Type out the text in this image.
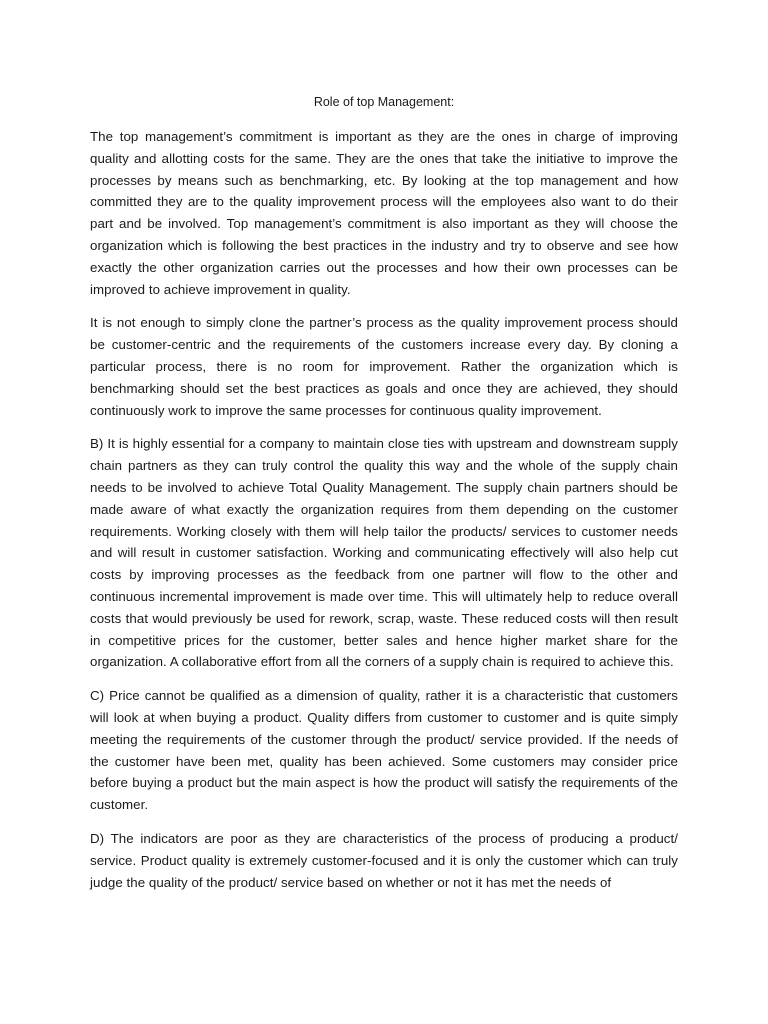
Role of top Management:

The top management’s commitment is important as they are the ones in charge of improving quality and allotting costs for the same. They are the ones that take the initiative to improve the processes by means such as benchmarking, etc. By looking at the top management and how committed they are to the quality improvement process will the employees also want to do their part and be involved. Top management’s commitment is also important as they will choose the organization which is following the best practices in the industry and try to observe and see how exactly the other organization carries out the processes and how their own processes can be improved to achieve improvement in quality.

It is not enough to simply clone the partner’s process as the quality improvement process should be customer-centric and the requirements of the customers increase every day. By cloning a particular process, there is no room for improvement. Rather the organization which is benchmarking should set the best practices as goals and once they are achieved, they should continuously work to improve the same processes for continuous quality improvement.

B) It is highly essential for a company to maintain close ties with upstream and downstream supply chain partners as they can truly control the quality this way and the whole of the supply chain needs to be involved to achieve Total Quality Management. The supply chain partners should be made aware of what exactly the organization requires from them depending on the customer requirements. Working closely with them will help tailor the products/ services to customer needs and will result in customer satisfaction. Working and communicating effectively will also help cut costs by improving processes as the feedback from one partner will flow to the other and continuous incremental improvement is made over time. This will ultimately help to reduce overall costs that would previously be used for rework, scrap, waste. These reduced costs will then result in competitive prices for the customer, better sales and hence higher market share for the organization. A collaborative effort from all the corners of a supply chain is required to achieve this.

C) Price cannot be qualified as a dimension of quality, rather it is a characteristic that customers will look at when buying a product. Quality differs from customer to customer and is quite simply meeting the requirements of the customer through the product/ service provided. If the needs of the customer have been met, quality has been achieved. Some customers may consider price before buying a product but the main aspect is how the product will satisfy the requirements of the customer.

D) The indicators are poor as they are characteristics of the process of producing a product/ service. Product quality is extremely customer-focused and it is only the customer which can truly judge the quality of the product/ service based on whether or not it has met the needs of
